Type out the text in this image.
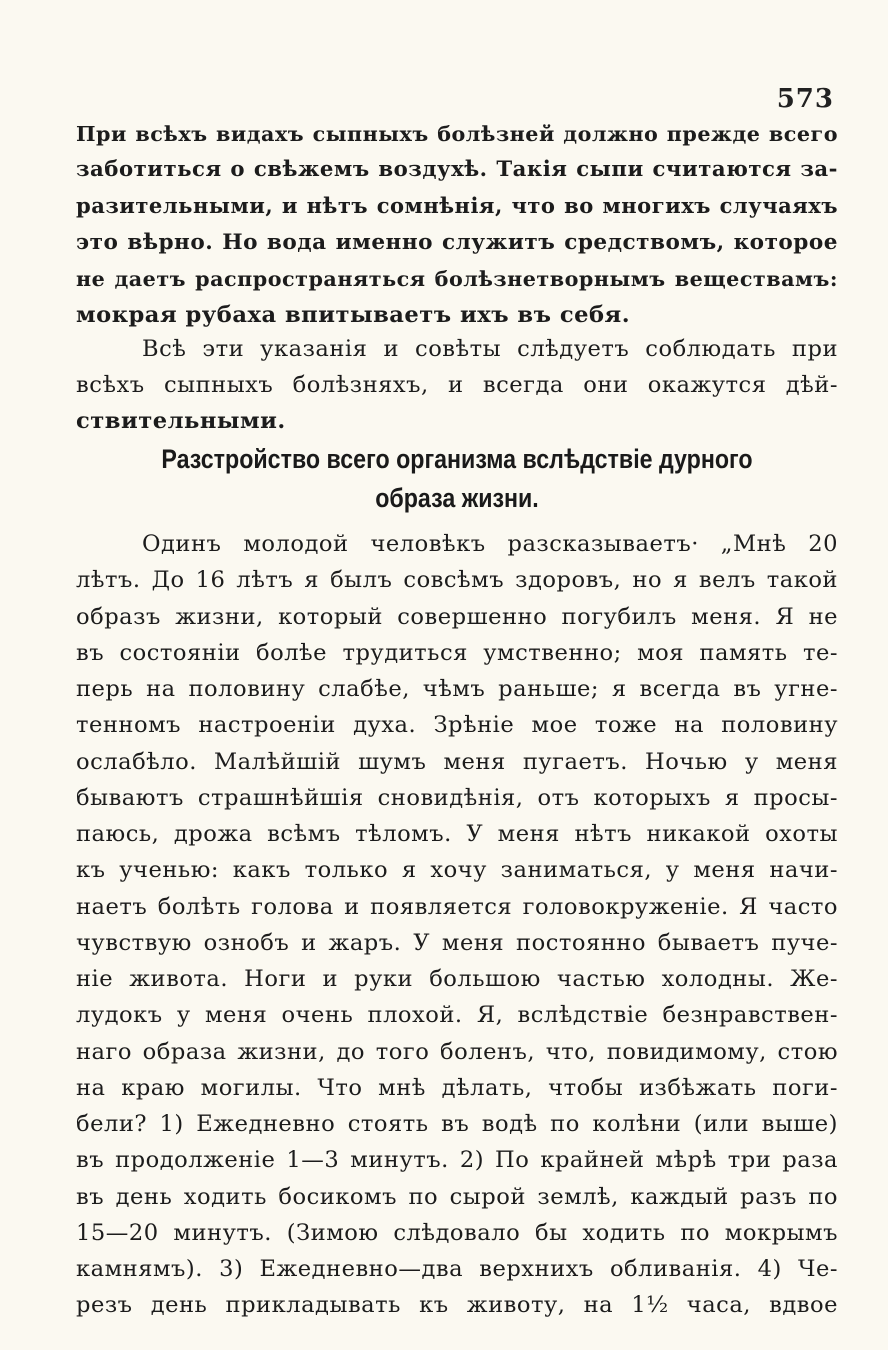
573
При всѣхъ видахъ сыпныхъ болѣзней должно прежде всего
заботиться о свѣжемъ воздухѣ. Такія сыпи считаются за-
разительными, и нѣтъ сомнѣнія, что во многихъ случаяхъ
это вѣрно. Но вода именно служитъ средствомъ, которое
не даетъ распространяться болѣзнетворнымъ веществамъ:
мокрая рубаха впитываетъ ихъ въ себя.
Всѣ эти указанія и совѣты слѣдуетъ соблюдать при
всѣхъ сыпныхъ болѣзняхъ, и всегда они окажутся дѣй-
ствительными.
Разстройство всего организма вслѣдствіе дурного
образа жизни.
Одинъ молодой человѣкъ разсказываетъ· „Мнѣ 20
лѣтъ. До 16 лѣтъ я былъ совсѣмъ здоровъ, но я велъ такой
образъ жизни, который совершенно погубилъ меня. Я не
въ состояніи болѣе трудиться умственно; моя память те-
перь на половину слабѣе, чѣмъ раньше; я всегда въ угне-
тенномъ настроеніи духа. Зрѣніе мое тоже на половину
ослабѣло. Малѣйшій шумъ меня пугаетъ. Ночью у меня
бываютъ страшнѣйшія сновидѣнія, отъ которыхъ я просы-
паюсь, дрожа всѣмъ тѣломъ. У меня нѣтъ никакой охоты
къ ученью: какъ только я хочу заниматься, у меня начи-
наетъ болѣть голова и появляется головокруженіе. Я часто
чувствую ознобъ и жаръ. У меня постоянно бываетъ пуче-
ніе живота. Ноги и руки большою частью холодны. Же-
лудокъ у меня очень плохой. Я, вслѣдствіе безнравствен-
наго образа жизни, до того боленъ, что, повидимому, стою
на краю могилы. Что мнѣ дѣлать, чтобы избѣжать поги-
бели? 1) Ежедневно стоять въ водѣ по колѣни (или выше)
въ продолженіе 1—3 минутъ. 2) По крайней мѣрѣ три раза
въ день ходить босикомъ по сырой землѣ, каждый разъ по
15—20 минутъ. (Зимою слѣдовало бы ходить по мокрымъ
камнямъ). 3) Ежедневно—два верхнихъ обливанія. 4) Че-
резъ день прикладывать къ животу, на 1½ часа, вдвое
